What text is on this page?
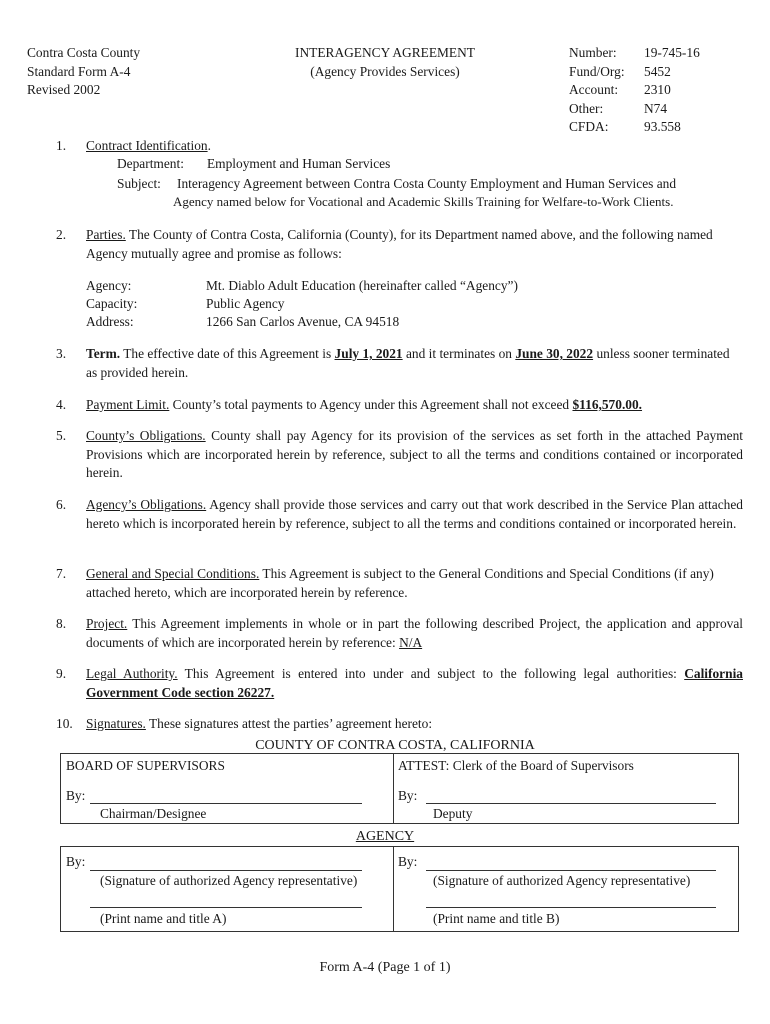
Contra Costa County
Standard Form A-4
Revised 2002
INTERAGENCY AGREEMENT
(Agency Provides Services)
Number: 19-745-16
Fund/Org: 5452
Account: 2310
Other:	N74
CFDA:	93.558
1. Contract Identification.
Department: Employment and Human Services
Subject: Interagency Agreement between Contra Costa County Employment and Human Services and
Agency named below for Vocational and Academic Skills Training for Welfare-to-Work Clients.
2. Parties. The County of Contra Costa, California (County), for its Department named above, and the following named Agency mutually agree and promise as follows:
Agency:	Mt. Diablo Adult Education (hereinafter called “Agency”)
Capacity:	Public Agency
Address:	1266 San Carlos Avenue, CA 94518
3. Term. The effective date of this Agreement is July 1, 2021 and it terminates on June 30, 2022 unless sooner terminated as provided herein.
4. Payment Limit. County’s total payments to Agency under this Agreement shall not exceed $116,570.00.
5. County’s Obligations. County shall pay Agency for its provision of the services as set forth in the attached Payment Provisions which are incorporated herein by reference, subject to all the terms and conditions contained or incorporated herein.
6. Agency’s Obligations. Agency shall provide those services and carry out that work described in the Service Plan attached hereto which is incorporated herein by reference, subject to all the terms and conditions contained or incorporated herein.
7. General and Special Conditions. This Agreement is subject to the General Conditions and Special Conditions (if any) attached hereto, which are incorporated herein by reference.
8. Project. This Agreement implements in whole or in part the following described Project, the application and approval documents of which are incorporated herein by reference: N/A
9. Legal Authority. This Agreement is entered into under and subject to the following legal authorities: California Government Code section 26227.
10. Signatures. These signatures attest the parties’ agreement hereto:
COUNTY OF CONTRA COSTA, CALIFORNIA
BOARD OF SUPERVISORS	ATTEST: Clerk of the Board of Supervisors
By:
Chairman/Designee
By:
Deputy
AGENCY
By:
(Signature of authorized Agency representative)
(Print name and title A)
By:
(Signature of authorized Agency representative)
(Print name and title B)
Form A-4 (Page 1 of 1)
